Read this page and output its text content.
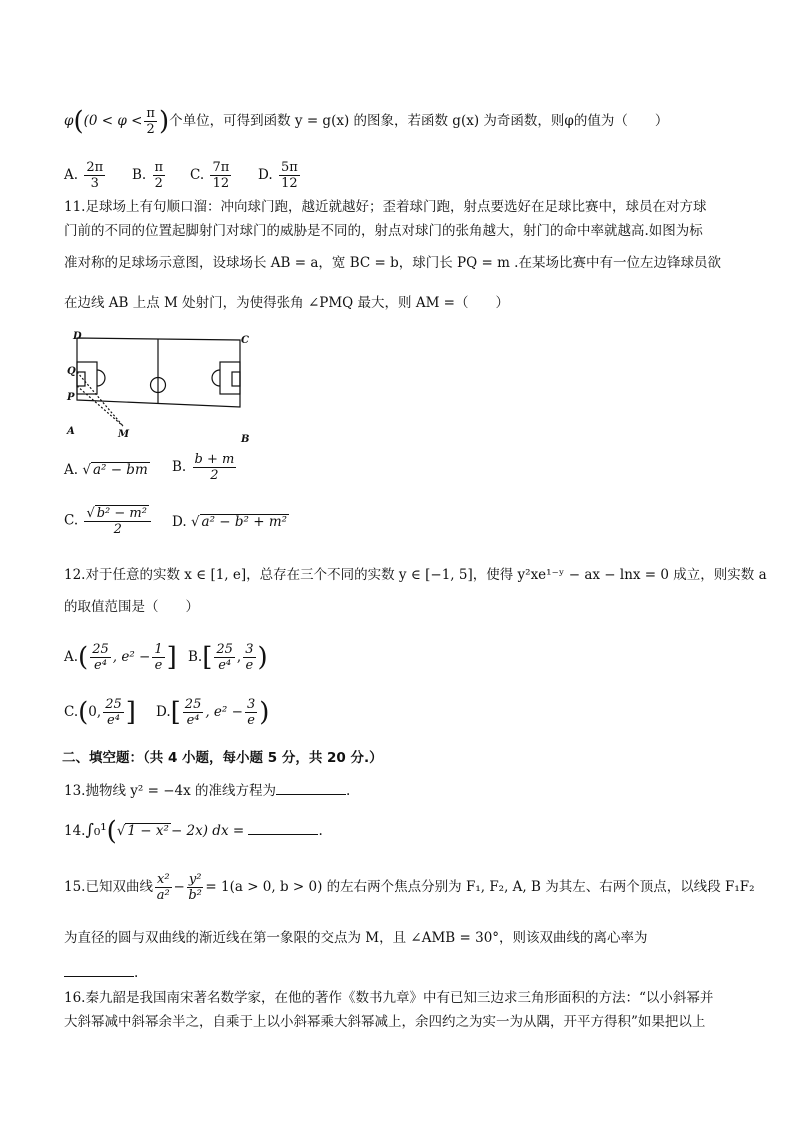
$\varphi((0 < \varphi < \frac{\pi}{2}$ )个单位，可得到函数 y = g(x) 的图象，若函数 g(x) 为奇函数，则φ的值为（　　）
A. $\frac{2\pi}{3} B$. $\frac{\pi}{2} C$. $\frac{7\pi}{12} D$. $\frac{5\pi}{12}$
11.足球场上有句顺口溜：冲向球门跑，越近就越好；歪着球门跑，射点要选好在足球比赛中，球员在对方球
门前的不同的位置起脚射门对球门的威胁是不同的，射点对球门的张角越大，射门的命中率就越高.如图为标
准对称的足球场示意图，设球场长 AB = a，宽 BC = b，球门长 PQ = m .在某场比赛中有一位左边锋球员欲
在边线 AB 上点 M 处射门，为使得张角 ∠PMQ 最大，则 AM =（　　）
D	C
Q
P
A	M	B
A. √ a² − bm B. $\frac{b + m}{2}$
C. $\frac{\text{√ b² − m²}}{2} D$. √ a² − b² + m²
12.对于任意的实数 x ∈ [1, e]，总存在三个不同的实数 y ∈ [−1, 5]，使得 y²xe¹⁻ʸ − ax − lnx = 0 成立，则实数 a
的取值范围是（　　）
$A.( \frac{25}{\text{e⁴}}$ , $e^2 - \frac{1}{e}$ ] $B.[ \frac{25}{\text{e⁴}}$ , $\frac{3}{e}$ )
C.(0, $\frac{25}{\text{e⁴}}$ ] $D.[ \frac{25}{\text{e⁴}}$ , $e^2 - \frac{3}{e}$ )
二、填空题：（共 4 小题，每小题 5 分，共 20 分.）
13.抛物线 y² = −4x 的准线方程为	.
14.∫₀¹(√ 1 − x² − 2x) dx =	.
15.已知双曲线 $\frac{\text{x²}}{\text{a²}} - \frac{\text{y²}}{\text{b²}} = 1(a > 0$, b > 0) 的左右两个焦点分别为 F₁, F₂, A, B 为其左、右两个顶点，以线段 F₁F₂
为直径的圆与双曲线的渐近线在第一象限的交点为 M，且 ∠AMB = 30°，则该双曲线的离心率为
.
16.秦九韶是我国南宋著名数学家，在他的著作《数书九章》中有已知三边求三角形面积的方法：“以小斜幂并
大斜幂减中斜幂余半之，自乘于上以小斜幂乘大斜幂减上，余四约之为实一为从隅，开平方得积”如果把以上
